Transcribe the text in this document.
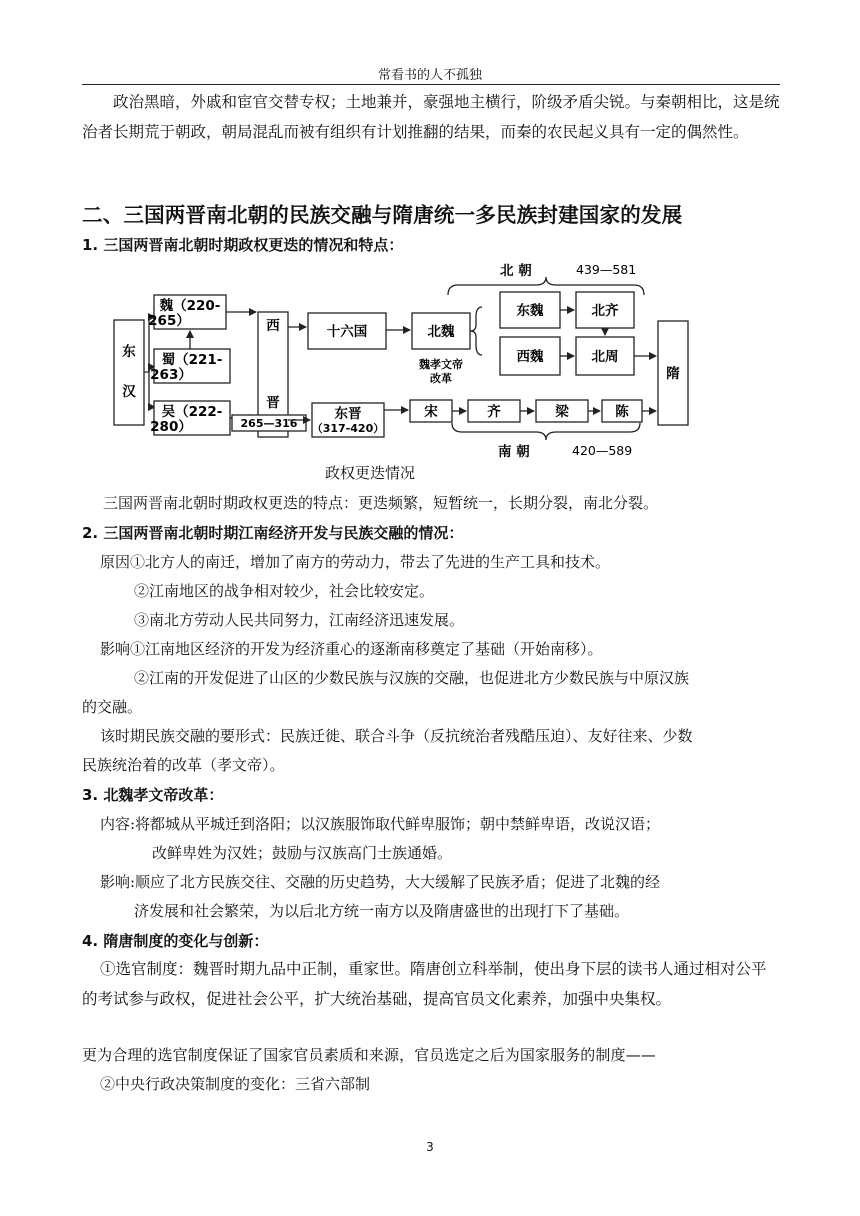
常看书的人不孤独

政治黑暗，外戚和宦官交替专权；土地兼并，豪强地主横行，阶级矛盾尖锐。与秦朝相比，这是统治者长期荒于朝政，朝局混乱而被有组织有计划推翻的结果，而秦的农民起义具有一定的偶然性。

二、三国两晋南北朝的民族交融与隋唐统一多民族封建国家的发展
1. 三国两晋南北朝时期政权更迭的情况和特点：
东
汉
魏（220-
265）
蜀（221-
263）
吴（222-
280）
西
晋
265—316
十六国
东晋
（317-420）
北魏
魏孝文帝
改革
北 朝	439—581
东魏	北齐
西魏	北周
宋	齐	梁	陈
南 朝	420—589
隋
政权更迭情况
三国两晋南北朝时期政权更迭的特点：更迭频繁，短暂统一，长期分裂，南北分裂。
2. 三国两晋南北朝时期江南经济开发与民族交融的情况：
原因①北方人的南迁，增加了南方的劳动力，带去了先进的生产工具和技术。
②江南地区的战争相对较少，社会比较安定。
③南北方劳动人民共同努力，江南经济迅速发展。
影响①江南地区经济的开发为经济重心的逐渐南移奠定了基础（开始南移）。
②江南的开发促进了山区的少数民族与汉族的交融，也促进北方少数民族与中原汉族
的交融。
该时期民族交融的要形式：民族迁徙、联合斗争（反抗统治者残酷压迫）、友好往来、少数
民族统治着的改革（孝文帝）。
3. 北魏孝文帝改革：
内容:将都城从平城迁到洛阳；以汉族服饰取代鲜卑服饰；朝中禁鲜卑语，改说汉语；
改鲜卑姓为汉姓；鼓励与汉族高门士族通婚。
影响:顺应了北方民族交往、交融的历史趋势，大大缓解了民族矛盾；促进了北魏的经
济发展和社会繁荣，为以后北方统一南方以及隋唐盛世的出现打下了基础。
4. 隋唐制度的变化与创新：

①选官制度：魏晋时期九品中正制，重家世。隋唐创立科举制，使出身下层的读书人通过相对公平的考试参与政权，促进社会公平，扩大统治基础，提高官员文化素养，加强中央集权。

更为合理的选官制度保证了国家官员素质和来源，官员选定之后为国家服务的制度——
②中央行政决策制度的变化：三省六部制
3
